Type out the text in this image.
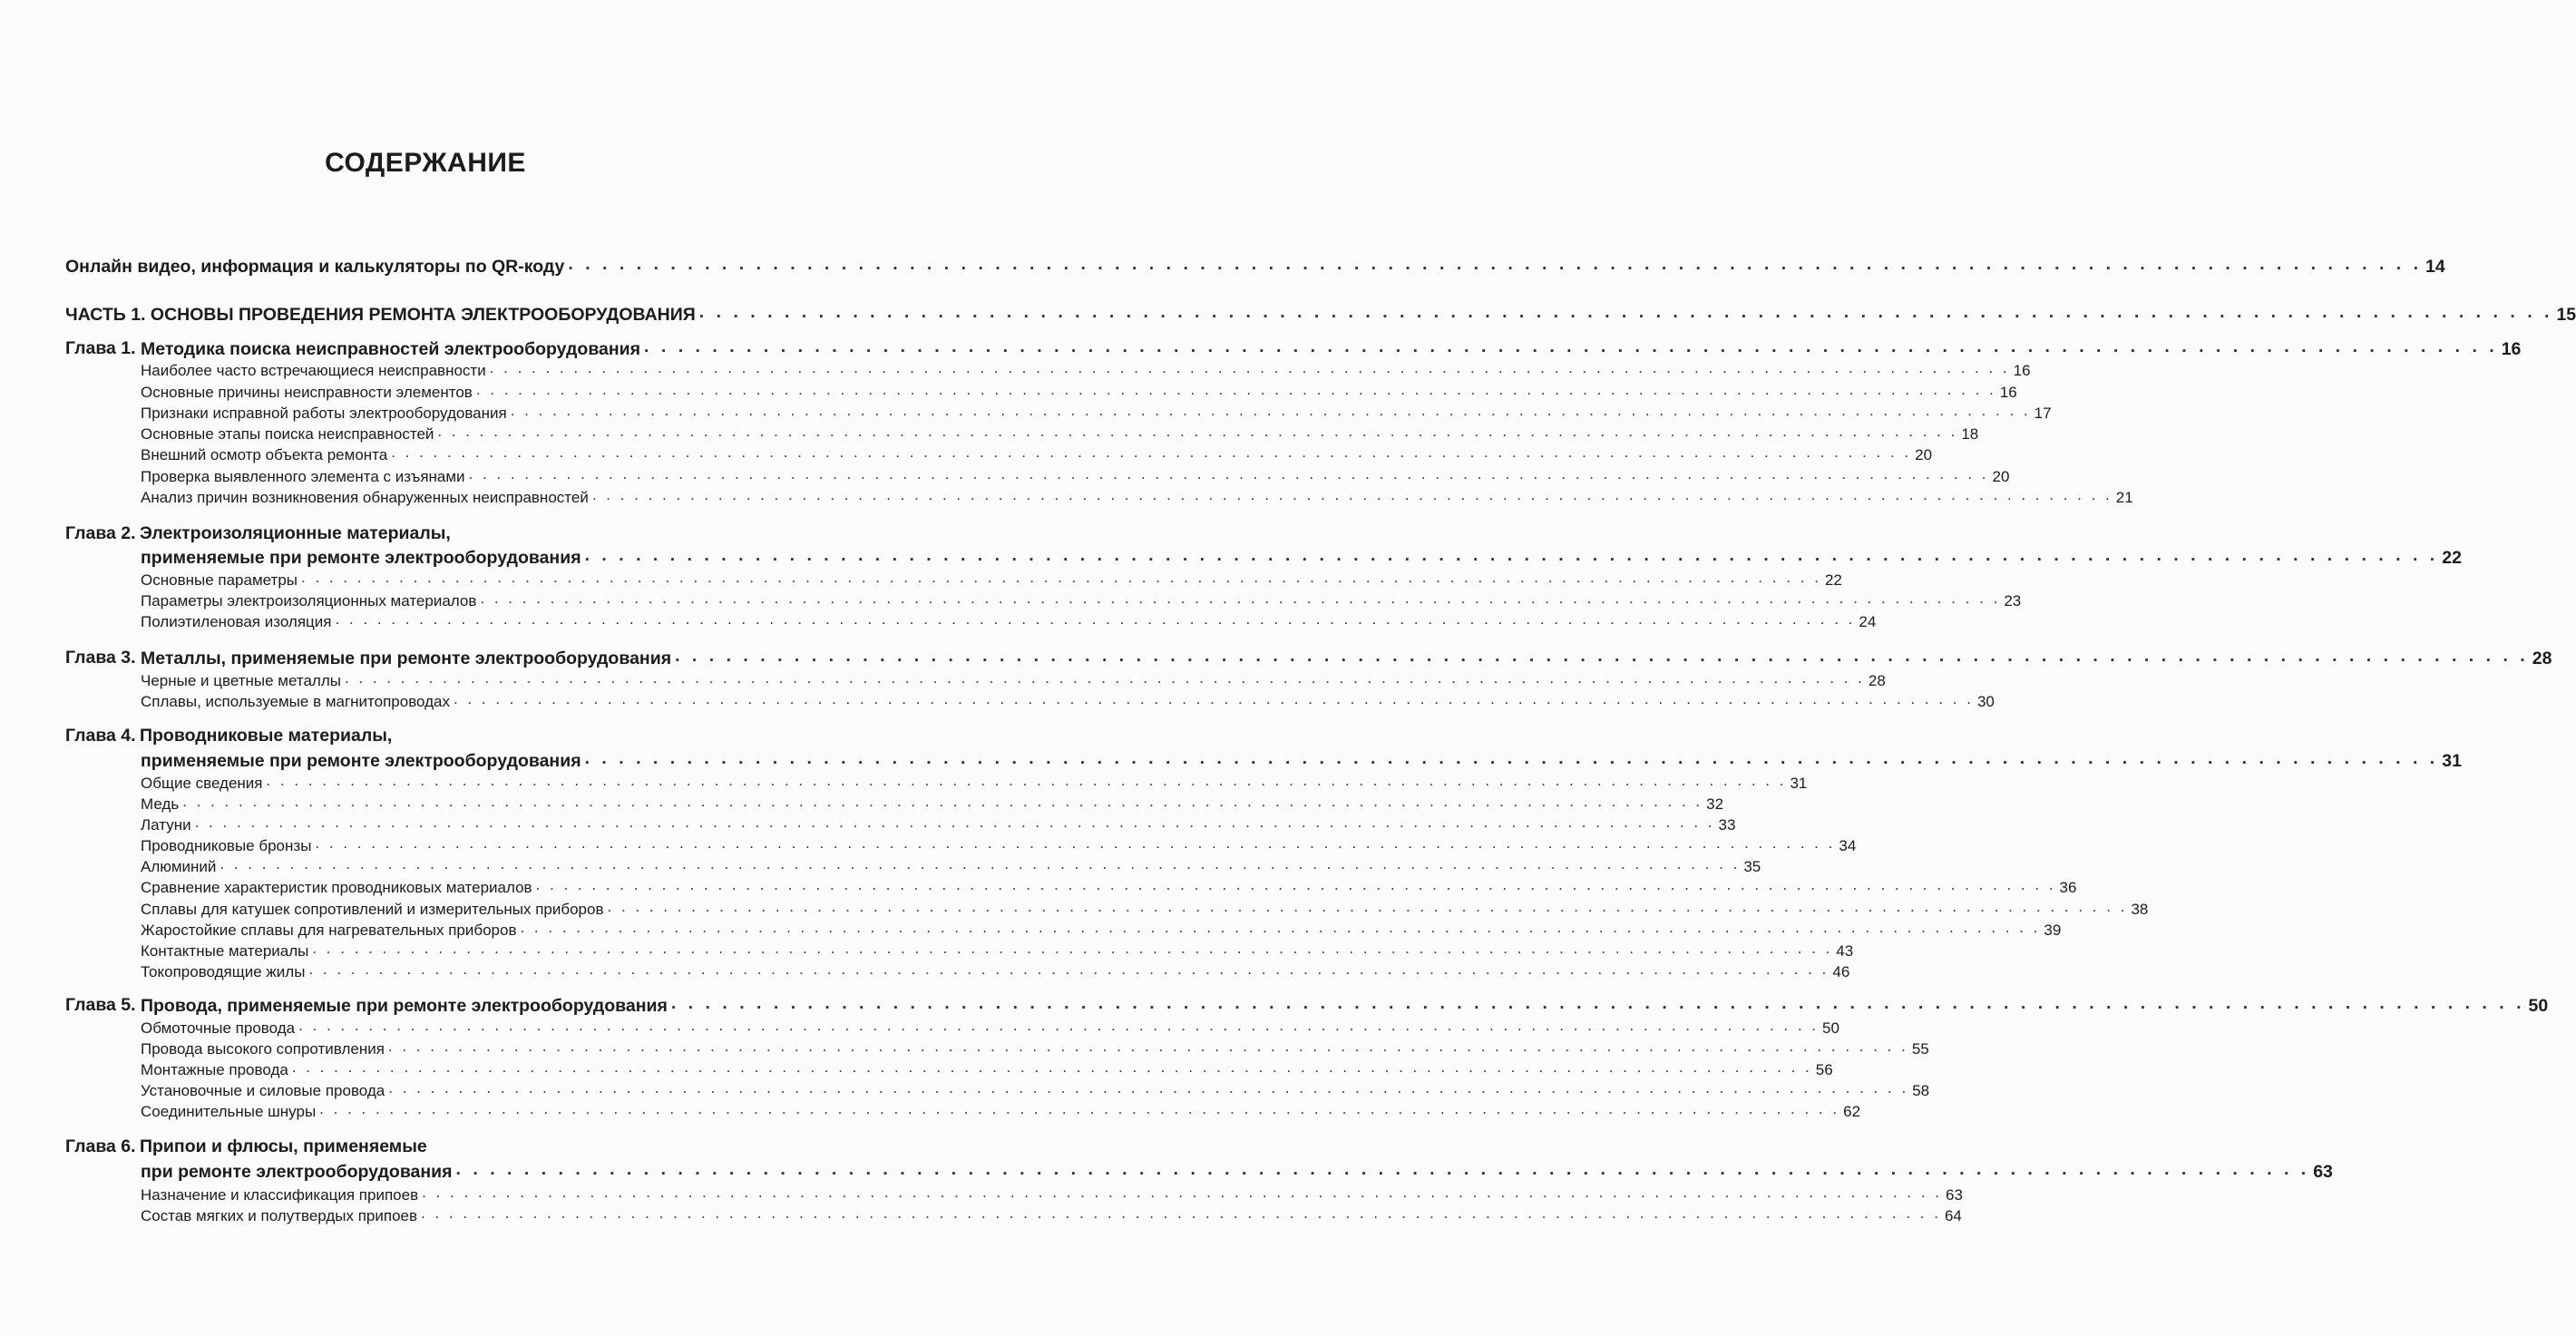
СОДЕРЖАНИЕ
Онлайн видео, информация и калькуляторы по QR-коду . . . . . . . . . . . . . . . . . . . . . . . . . . . . . . . . . . . . . . . . . . . . . . . . . . . . . . . . . . . . . . . . . . . . . . . . . . . . . . . . . . . . . . . . . . . . . . . . . . . . . . . . . . . . . 14
ЧАСТЬ 1. ОСНОВЫ ПРОВЕДЕНИЯ РЕМОНТА ЭЛЕКТРООБОРУДОВАНИЯ . . . . . . . . . . . . . . . . . . . . . . . . . . . . . . . . . . . . . . . . . . . . . . . . . . . . . . . . . . . . . . . . . . . . . . . . . . . . . . . . . . . . . . . . . . . . . . . . . . . . . . . . . . . . . 15
Глава 1. Методика поиска неисправностей электрооборудования . . . . . . . . . . . . . . . . . . . . . . . . . . . . . . . . . . . . . . . . . . . . . . . . . . . . . . . . . . . . . . . . . . . . . . . . . . . . . . . . . . . . . . . . . . . . . . . . . . . . . . . . . . . . . 16
Наиболее часто встречающиеся неисправности . . . . . . . . . . . . . . . . . . . . . . . . . . . . . . . . . . . . . . . . . . . . . . . . . . . . . . . . . . . . . . . . . . . . . . . . . . . . . . . . . . . . . . . . . . . . . . . . . . . . . . . . . . . . . 16
Основные причины неисправности элементов . . . . . . . . . . . . . . . . . . . . . . . . . . . . . . . . . . . . . . . . . . . . . . . . . . . . . . . . . . . . . . . . . . . . . . . . . . . . . . . . . . . . . . . . . . . . . . . . . . . . . . . . . . . . . 16
Признаки исправной работы электрооборудования . . . . . . . . . . . . . . . . . . . . . . . . . . . . . . . . . . . . . . . . . . . . . . . . . . . . . . . . . . . . . . . . . . . . . . . . . . . . . . . . . . . . . . . . . . . . . . . . . . . . . . . . . . . . . 17
Основные этапы поиска неисправностей . . . . . . . . . . . . . . . . . . . . . . . . . . . . . . . . . . . . . . . . . . . . . . . . . . . . . . . . . . . . . . . . . . . . . . . . . . . . . . . . . . . . . . . . . . . . . . . . . . . . . . . . . . . . . 18
Внешний осмотр объекта ремонта . . . . . . . . . . . . . . . . . . . . . . . . . . . . . . . . . . . . . . . . . . . . . . . . . . . . . . . . . . . . . . . . . . . . . . . . . . . . . . . . . . . . . . . . . . . . . . . . . . . . . . . . . . . . . 20
Проверка выявленного элемента с изъянами . . . . . . . . . . . . . . . . . . . . . . . . . . . . . . . . . . . . . . . . . . . . . . . . . . . . . . . . . . . . . . . . . . . . . . . . . . . . . . . . . . . . . . . . . . . . . . . . . . . . . . . . . . . . . 20
Анализ причин возникновения обнаруженных неисправностей . . . . . . . . . . . . . . . . . . . . . . . . . . . . . . . . . . . . . . . . . . . . . . . . . . . . . . . . . . . . . . . . . . . . . . . . . . . . . . . . . . . . . . . . . . . . . . . . . . . . . . . . . . . . . 21
Глава 2. Электроизоляционные материалы,
применяемые при ремонте электрооборудования . . . . . . . . . . . . . . . . . . . . . . . . . . . . . . . . . . . . . . . . . . . . . . . . . . . . . . . . . . . . . . . . . . . . . . . . . . . . . . . . . . . . . . . . . . . . . . . . . . . . . . . . . . . . . 22
Основные параметры . . . . . . . . . . . . . . . . . . . . . . . . . . . . . . . . . . . . . . . . . . . . . . . . . . . . . . . . . . . . . . . . . . . . . . . . . . . . . . . . . . . . . . . . . . . . . . . . . . . . . . . . . . . . . 22
Параметры электроизоляционных материалов . . . . . . . . . . . . . . . . . . . . . . . . . . . . . . . . . . . . . . . . . . . . . . . . . . . . . . . . . . . . . . . . . . . . . . . . . . . . . . . . . . . . . . . . . . . . . . . . . . . . . . . . . . . . . 23
Полиэтиленовая изоляция . . . . . . . . . . . . . . . . . . . . . . . . . . . . . . . . . . . . . . . . . . . . . . . . . . . . . . . . . . . . . . . . . . . . . . . . . . . . . . . . . . . . . . . . . . . . . . . . . . . . . . . . . . . . . 24
Глава 3. Металлы, применяемые при ремонте электрооборудования . . . . . . . . . . . . . . . . . . . . . . . . . . . . . . . . . . . . . . . . . . . . . . . . . . . . . . . . . . . . . . . . . . . . . . . . . . . . . . . . . . . . . . . . . . . . . . . . . . . . . . . . . . . . . 28
Черные и цветные металлы . . . . . . . . . . . . . . . . . . . . . . . . . . . . . . . . . . . . . . . . . . . . . . . . . . . . . . . . . . . . . . . . . . . . . . . . . . . . . . . . . . . . . . . . . . . . . . . . . . . . . . . . . . . . . 28
Сплавы, используемые в магнитопроводах . . . . . . . . . . . . . . . . . . . . . . . . . . . . . . . . . . . . . . . . . . . . . . . . . . . . . . . . . . . . . . . . . . . . . . . . . . . . . . . . . . . . . . . . . . . . . . . . . . . . . . . . . . . . . 30
Глава 4. Проводниковые материалы,
применяемые при ремонте электрооборудования . . . . . . . . . . . . . . . . . . . . . . . . . . . . . . . . . . . . . . . . . . . . . . . . . . . . . . . . . . . . . . . . . . . . . . . . . . . . . . . . . . . . . . . . . . . . . . . . . . . . . . . . . . . . . 31
Общие сведения . . . . . . . . . . . . . . . . . . . . . . . . . . . . . . . . . . . . . . . . . . . . . . . . . . . . . . . . . . . . . . . . . . . . . . . . . . . . . . . . . . . . . . . . . . . . . . . . . . . . . . . . . . . . . 31
Медь . . . . . . . . . . . . . . . . . . . . . . . . . . . . . . . . . . . . . . . . . . . . . . . . . . . . . . . . . . . . . . . . . . . . . . . . . . . . . . . . . . . . . . . . . . . . . . . . . . . . . . . . . . . . . 32
Латуни . . . . . . . . . . . . . . . . . . . . . . . . . . . . . . . . . . . . . . . . . . . . . . . . . . . . . . . . . . . . . . . . . . . . . . . . . . . . . . . . . . . . . . . . . . . . . . . . . . . . . . . . . . . . . 33
Проводниковые бронзы . . . . . . . . . . . . . . . . . . . . . . . . . . . . . . . . . . . . . . . . . . . . . . . . . . . . . . . . . . . . . . . . . . . . . . . . . . . . . . . . . . . . . . . . . . . . . . . . . . . . . . . . . . . . . 34
Алюминий . . . . . . . . . . . . . . . . . . . . . . . . . . . . . . . . . . . . . . . . . . . . . . . . . . . . . . . . . . . . . . . . . . . . . . . . . . . . . . . . . . . . . . . . . . . . . . . . . . . . . . . . . . . . . 35
Сравнение характеристик проводниковых материалов . . . . . . . . . . . . . . . . . . . . . . . . . . . . . . . . . . . . . . . . . . . . . . . . . . . . . . . . . . . . . . . . . . . . . . . . . . . . . . . . . . . . . . . . . . . . . . . . . . . . . . . . . . . . . 36
Сплавы для катушек сопротивлений и измерительных приборов . . . . . . . . . . . . . . . . . . . . . . . . . . . . . . . . . . . . . . . . . . . . . . . . . . . . . . . . . . . . . . . . . . . . . . . . . . . . . . . . . . . . . . . . . . . . . . . . . . . . . . . . . . . . . 38
Жаростойкие сплавы для нагревательных приборов . . . . . . . . . . . . . . . . . . . . . . . . . . . . . . . . . . . . . . . . . . . . . . . . . . . . . . . . . . . . . . . . . . . . . . . . . . . . . . . . . . . . . . . . . . . . . . . . . . . . . . . . . . . . . 39
Контактные материалы . . . . . . . . . . . . . . . . . . . . . . . . . . . . . . . . . . . . . . . . . . . . . . . . . . . . . . . . . . . . . . . . . . . . . . . . . . . . . . . . . . . . . . . . . . . . . . . . . . . . . . . . . . . . . 43
Токопроводящие жилы . . . . . . . . . . . . . . . . . . . . . . . . . . . . . . . . . . . . . . . . . . . . . . . . . . . . . . . . . . . . . . . . . . . . . . . . . . . . . . . . . . . . . . . . . . . . . . . . . . . . . . . . . . . . . 46
Глава 5. Провода, применяемые при ремонте электрооборудования . . . . . . . . . . . . . . . . . . . . . . . . . . . . . . . . . . . . . . . . . . . . . . . . . . . . . . . . . . . . . . . . . . . . . . . . . . . . . . . . . . . . . . . . . . . . . . . . . . . . . . . . . . . . . 50
Обмоточные провода . . . . . . . . . . . . . . . . . . . . . . . . . . . . . . . . . . . . . . . . . . . . . . . . . . . . . . . . . . . . . . . . . . . . . . . . . . . . . . . . . . . . . . . . . . . . . . . . . . . . . . . . . . . . . 50
Провода высокого сопротивления . . . . . . . . . . . . . . . . . . . . . . . . . . . . . . . . . . . . . . . . . . . . . . . . . . . . . . . . . . . . . . . . . . . . . . . . . . . . . . . . . . . . . . . . . . . . . . . . . . . . . . . . . . . . . 55
Монтажные провода . . . . . . . . . . . . . . . . . . . . . . . . . . . . . . . . . . . . . . . . . . . . . . . . . . . . . . . . . . . . . . . . . . . . . . . . . . . . . . . . . . . . . . . . . . . . . . . . . . . . . . . . . . . . . 56
Установочные и силовые провода . . . . . . . . . . . . . . . . . . . . . . . . . . . . . . . . . . . . . . . . . . . . . . . . . . . . . . . . . . . . . . . . . . . . . . . . . . . . . . . . . . . . . . . . . . . . . . . . . . . . . . . . . . . . . 58
Соединительные шнуры . . . . . . . . . . . . . . . . . . . . . . . . . . . . . . . . . . . . . . . . . . . . . . . . . . . . . . . . . . . . . . . . . . . . . . . . . . . . . . . . . . . . . . . . . . . . . . . . . . . . . . . . . . . . . 62
Глава 6. Припои и флюсы, применяемые
при ремонте электрооборудования . . . . . . . . . . . . . . . . . . . . . . . . . . . . . . . . . . . . . . . . . . . . . . . . . . . . . . . . . . . . . . . . . . . . . . . . . . . . . . . . . . . . . . . . . . . . . . . . . . . . . . . . . . . . . 63
Назначение и классификация припоев . . . . . . . . . . . . . . . . . . . . . . . . . . . . . . . . . . . . . . . . . . . . . . . . . . . . . . . . . . . . . . . . . . . . . . . . . . . . . . . . . . . . . . . . . . . . . . . . . . . . . . . . . . . . . 63
Состав мягких и полутвердых припоев . . . . . . . . . . . . . . . . . . . . . . . . . . . . . . . . . . . . . . . . . . . . . . . . . . . . . . . . . . . . . . . . . . . . . . . . . . . . . . . . . . . . . . . . . . . . . . . . . . . . . . . . . . . . . 64
